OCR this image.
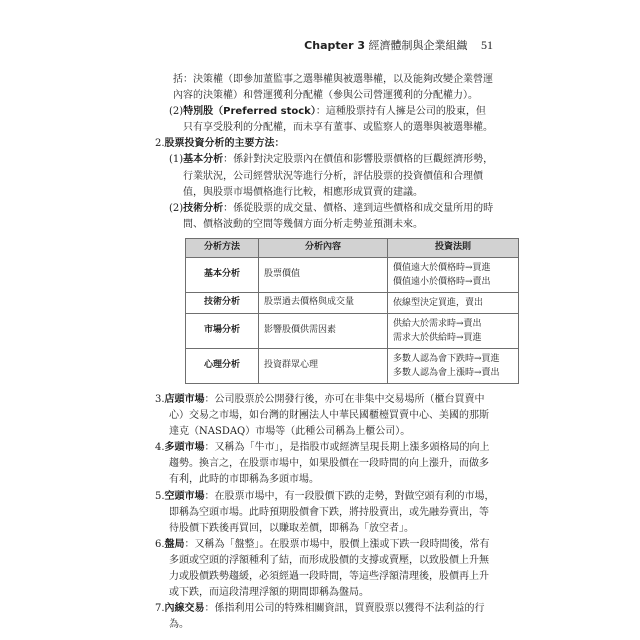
Chapter 3 經濟體制與企業組織 51

括：決策權（即參加董監事之選舉權與被選舉權，以及能夠改變企業營運
內容的決策權）和營運獲利分配權（參與公司營運獲利的分配權力）。

(2)特別股（Preferred stock）：這種股票持有人擁是公司的股東，但只有享受股利的分配權，而未享有董事、或監察人的選舉與被選舉權。

2.股票投資分析的主要方法：

(1)基本分析：係針對決定股票內在價值和影響股票價格的巨觀經濟形勢，行業狀況，公司經營狀況等進行分析，評估股票的投資價值和合理價值，與股票市場價格進行比較，相應形成買賣的建議。

(2)技術分析：係從股票的成交量、價格、達到這些價格和成交量所用的時間、價格波動的空間等幾個方面分析走勢並預測未來。

分析方法	分析內容	投資法則
基本分析	股票價值	價值遠大於價格時→買進
價值遠小於價格時→賣出
技術分析	股票過去價格與成交量	依線型決定買進，賣出
市場分析	影響股價供需因素	供給大於需求時→賣出
需求大於供給時→買進
心理分析	投資群眾心理	多數人認為會下跌時→買進
多數人認為會上漲時→賣出

3.店頭市場：公司股票於公開發行後，亦可在非集中交易場所（櫃台買賣中心）交易之市場，如台灣的財團法人中華民國櫃檯買賣中心、美國的那斯達克（NASDAQ）市場等（此種公司稱為上櫃公司）。

4.多頭市場：又稱為「牛市」，是指股市或經濟呈現長期上漲多頭格局的向上趨勢。換言之，在股票市場中，如果股價在一段時間的向上漲升，而做多有利，此時的市即稱為多頭市場。

5.空頭市場：在股票市場中，有一段股價下跌的走勢，對做空頭有利的市場，即稱為空頭市場。此時預期股價會下跌，將持股賣出，或先融券賣出，等待股價下跌後再買回，以賺取差價，即稱為「放空者」。

6.盤局：又稱為「盤整」。在股票市場中，股價上漲或下跌一段時間後，常有多頭或空頭的浮額種利了結，而形成股價的支撐或賣壓，以致股價上升無力或股價跌勢趨緩，必須經過一段時間，等這些浮額清理後，股價再上升或下跌，而這段清理浮額的期間即稱為盤局。

7.內線交易：係指利用公司的特殊相關資訊，買賣股票以獲得不法利益的行為。
